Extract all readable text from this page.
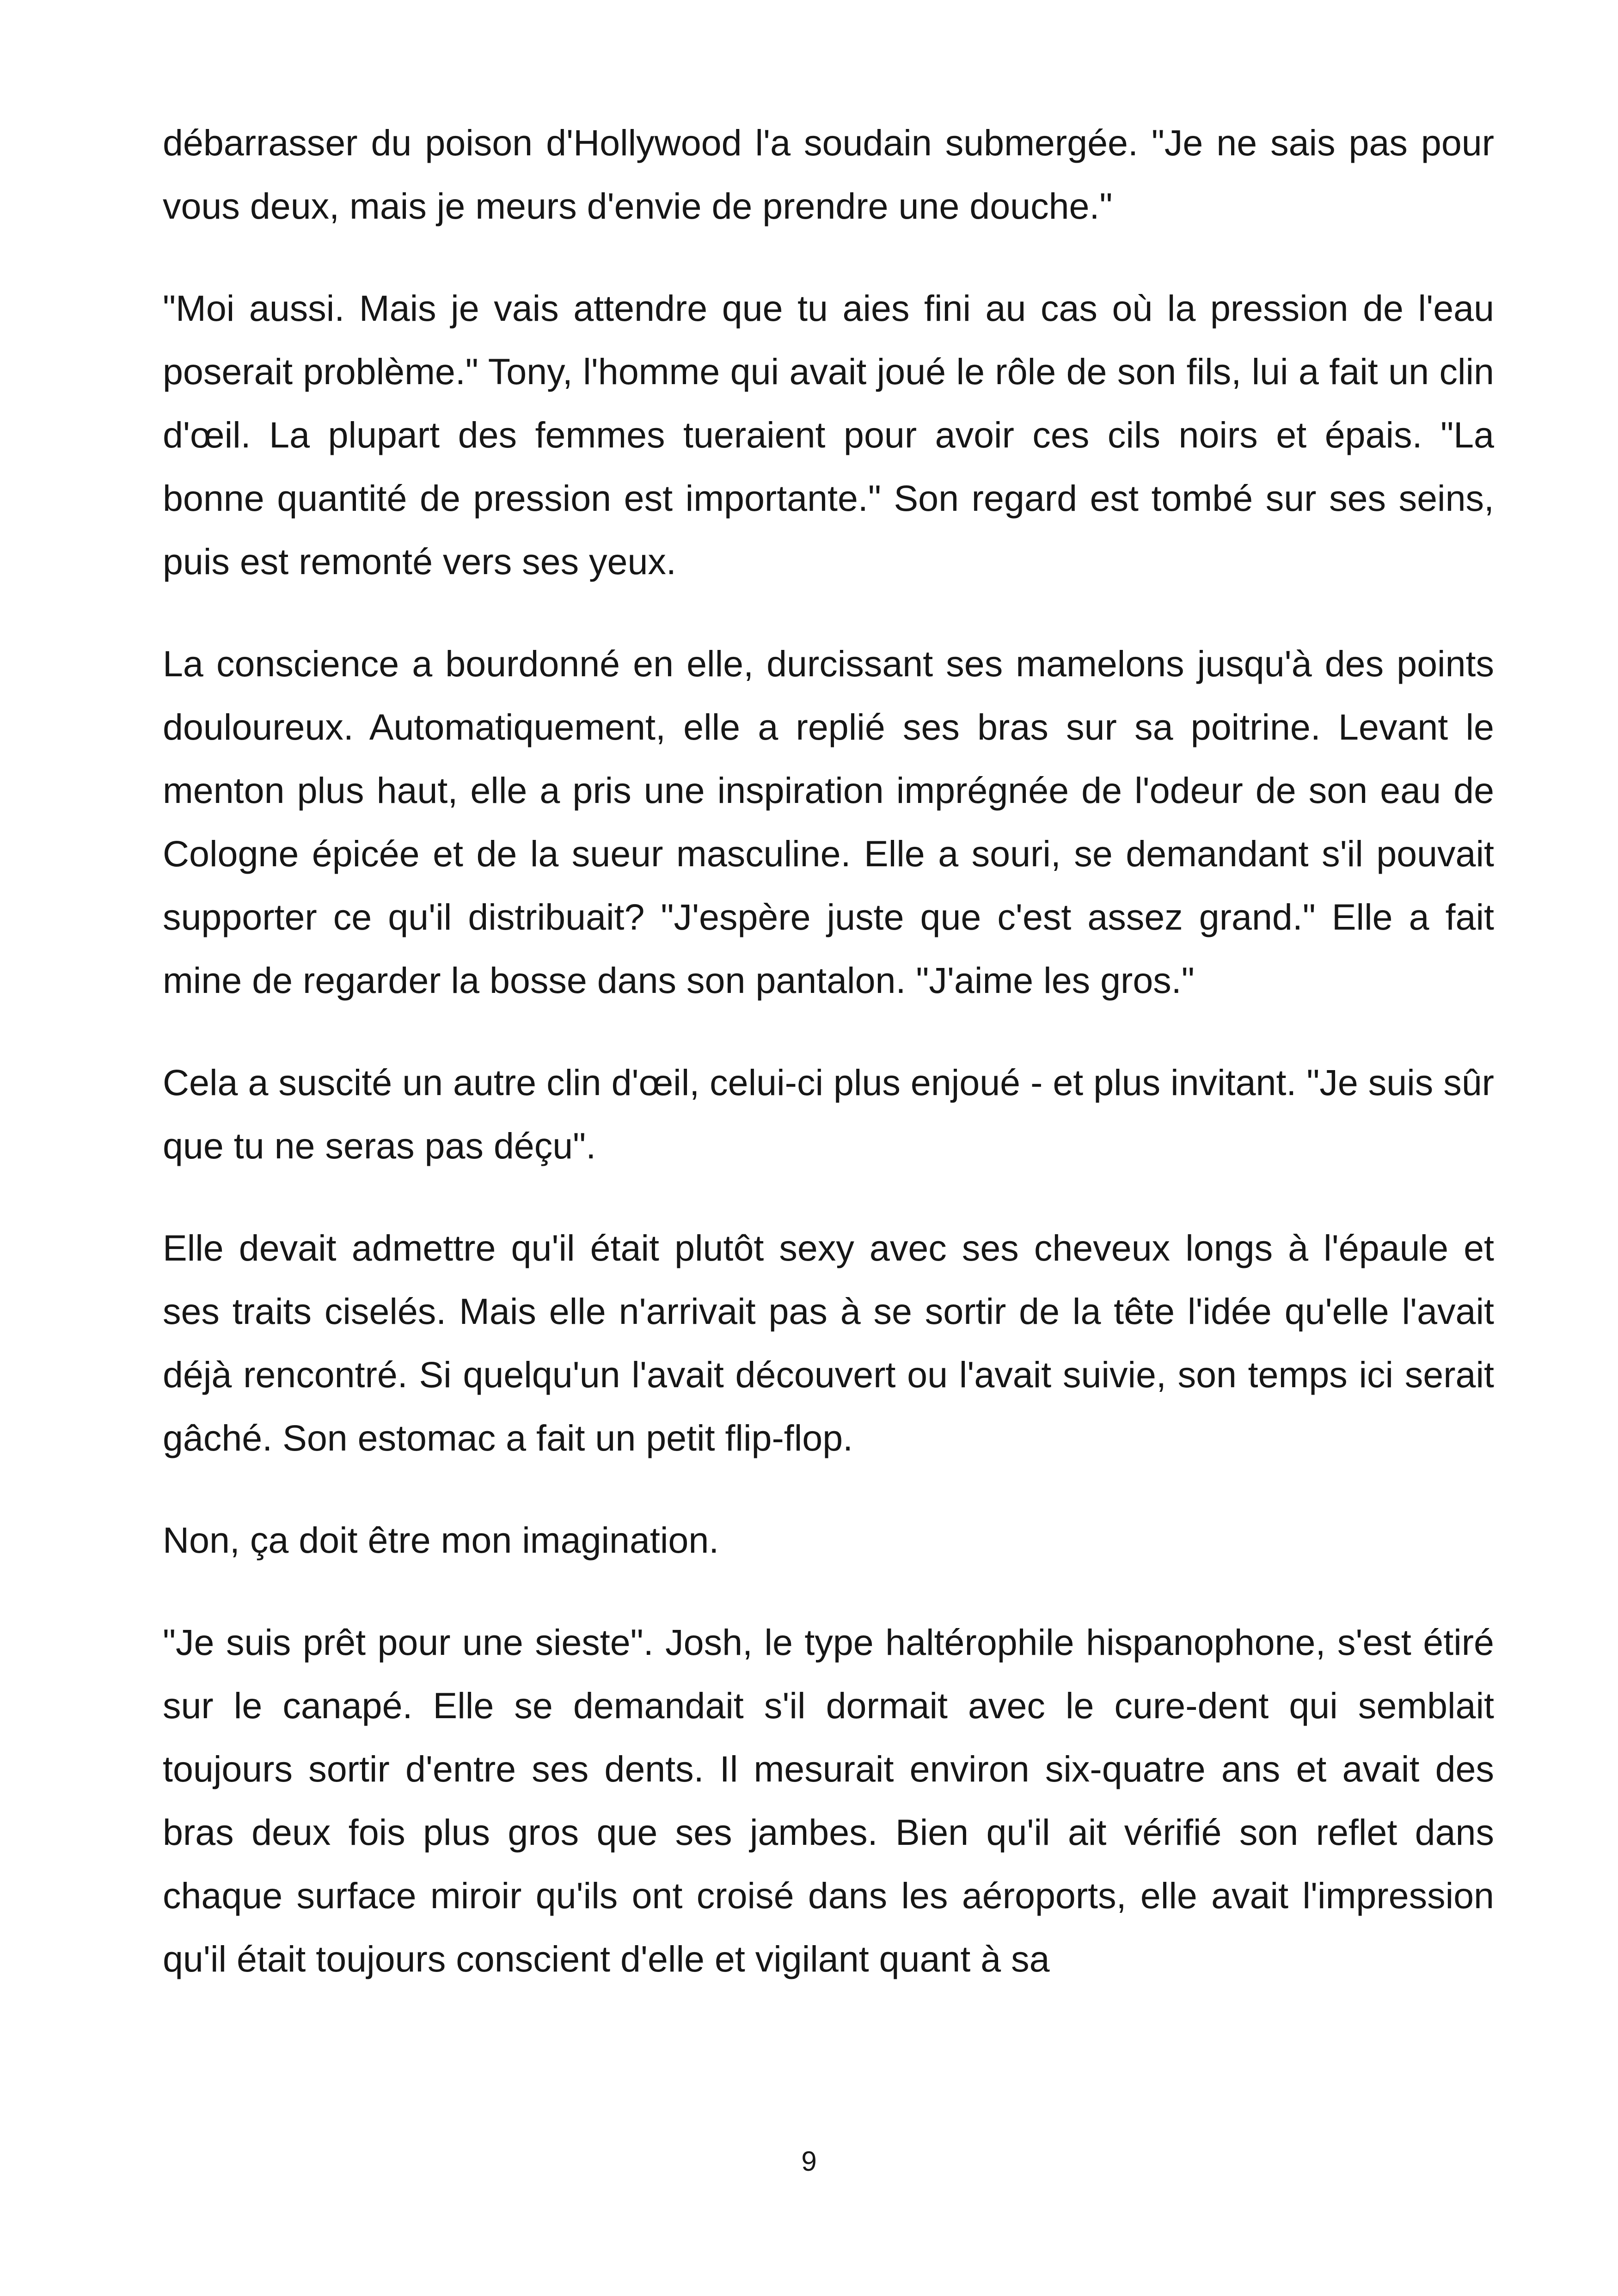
débarrasser du poison d'Hollywood l'a soudain submergée. "Je ne sais pas pour vous deux, mais je meurs d'envie de prendre une douche."

"Moi aussi. Mais je vais attendre que tu aies fini au cas où la pression de l'eau poserait problème." Tony, l'homme qui avait joué le rôle de son fils, lui a fait un clin d'œil. La plupart des femmes tueraient pour avoir ces cils noirs et épais. "La bonne quantité de pression est importante." Son regard est tombé sur ses seins, puis est remonté vers ses yeux.

La conscience a bourdonné en elle, durcissant ses mamelons jusqu'à des points douloureux. Automatiquement, elle a replié ses bras sur sa poitrine. Levant le menton plus haut, elle a pris une inspiration imprégnée de l'odeur de son eau de Cologne épicée et de la sueur masculine. Elle a souri, se demandant s'il pouvait supporter ce qu'il distribuait? "J'espère juste que c'est assez grand." Elle a fait mine de regarder la bosse dans son pantalon. "J'aime les gros."

Cela a suscité un autre clin d'œil, celui-ci plus enjoué - et plus invitant. "Je suis sûr que tu ne seras pas déçu".

Elle devait admettre qu'il était plutôt sexy avec ses cheveux longs à l'épaule et ses traits ciselés. Mais elle n'arrivait pas à se sortir de la tête l'idée qu'elle l'avait déjà rencontré. Si quelqu'un l'avait découvert ou l'avait suivie, son temps ici serait gâché. Son estomac a fait un petit flip-flop.

Non, ça doit être mon imagination.

"Je suis prêt pour une sieste". Josh, le type haltérophile hispanophone, s'est étiré sur le canapé. Elle se demandait s'il dormait avec le cure-dent qui semblait toujours sortir d'entre ses dents. Il mesurait environ six-quatre ans et avait des bras deux fois plus gros que ses jambes. Bien qu'il ait vérifié son reflet dans chaque surface miroir qu'ils ont croisé dans les aéroports, elle avait l'impression qu'il était toujours conscient d'elle et vigilant quant à sa

9
